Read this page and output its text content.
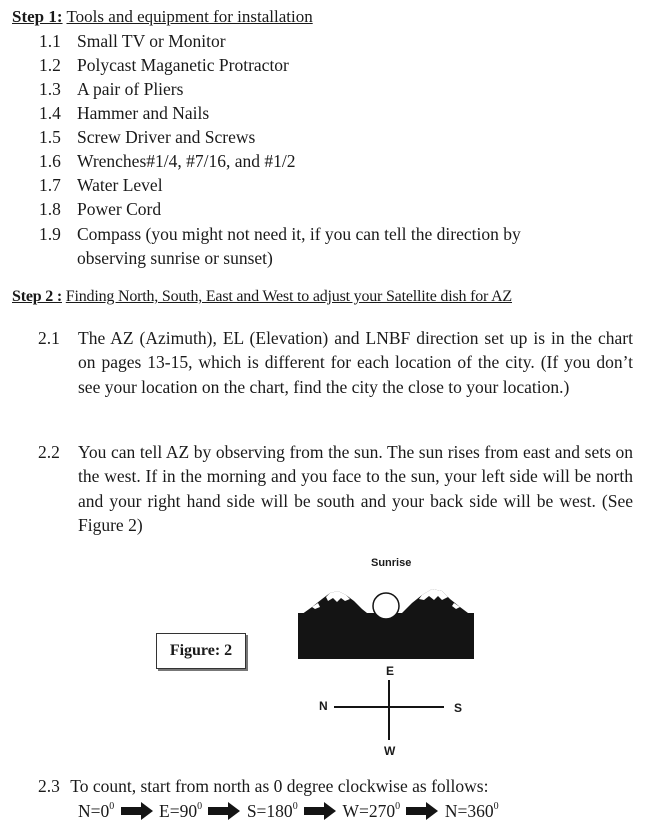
Step 1: Tools and equipment for installation
1.1 Small TV or Monitor
1.2 Polycast Maganetic Protractor
1.3 A pair of Pliers
1.4 Hammer and Nails
1.5 Screw Driver and Screws
1.6 Wrenches#1/4, #7/16, and #1/2
1.7 Water Level
1.8 Power Cord
1.9 Compass (you might not need it, if you can tell the direction by
observing sunrise or sunset)
Step 2 : Finding North, South, East and West to adjust your Satellite dish for AZ
2.1 The AZ (Azimuth), EL (Elevation) and LNBF direction set up is in the chart on pages 13-15, which is different for each location of the city. (If you don’t see your location on the chart, find the city the close to your location.)
2.2 You can tell AZ by observing from the sun. The sun rises from east and sets on the west. If in the morning and you face to the sun, your left side will be north and your right hand side will be south and your back side will be west. (See Figure 2)
Figure: 2
Sunrise
E
W
N	S
2.3 To count, start from north as 0 degree clockwise as follows:
$N=0^0$	$E=90^0$	$S=180^0$	$W=270^0$	$N=360^0$
